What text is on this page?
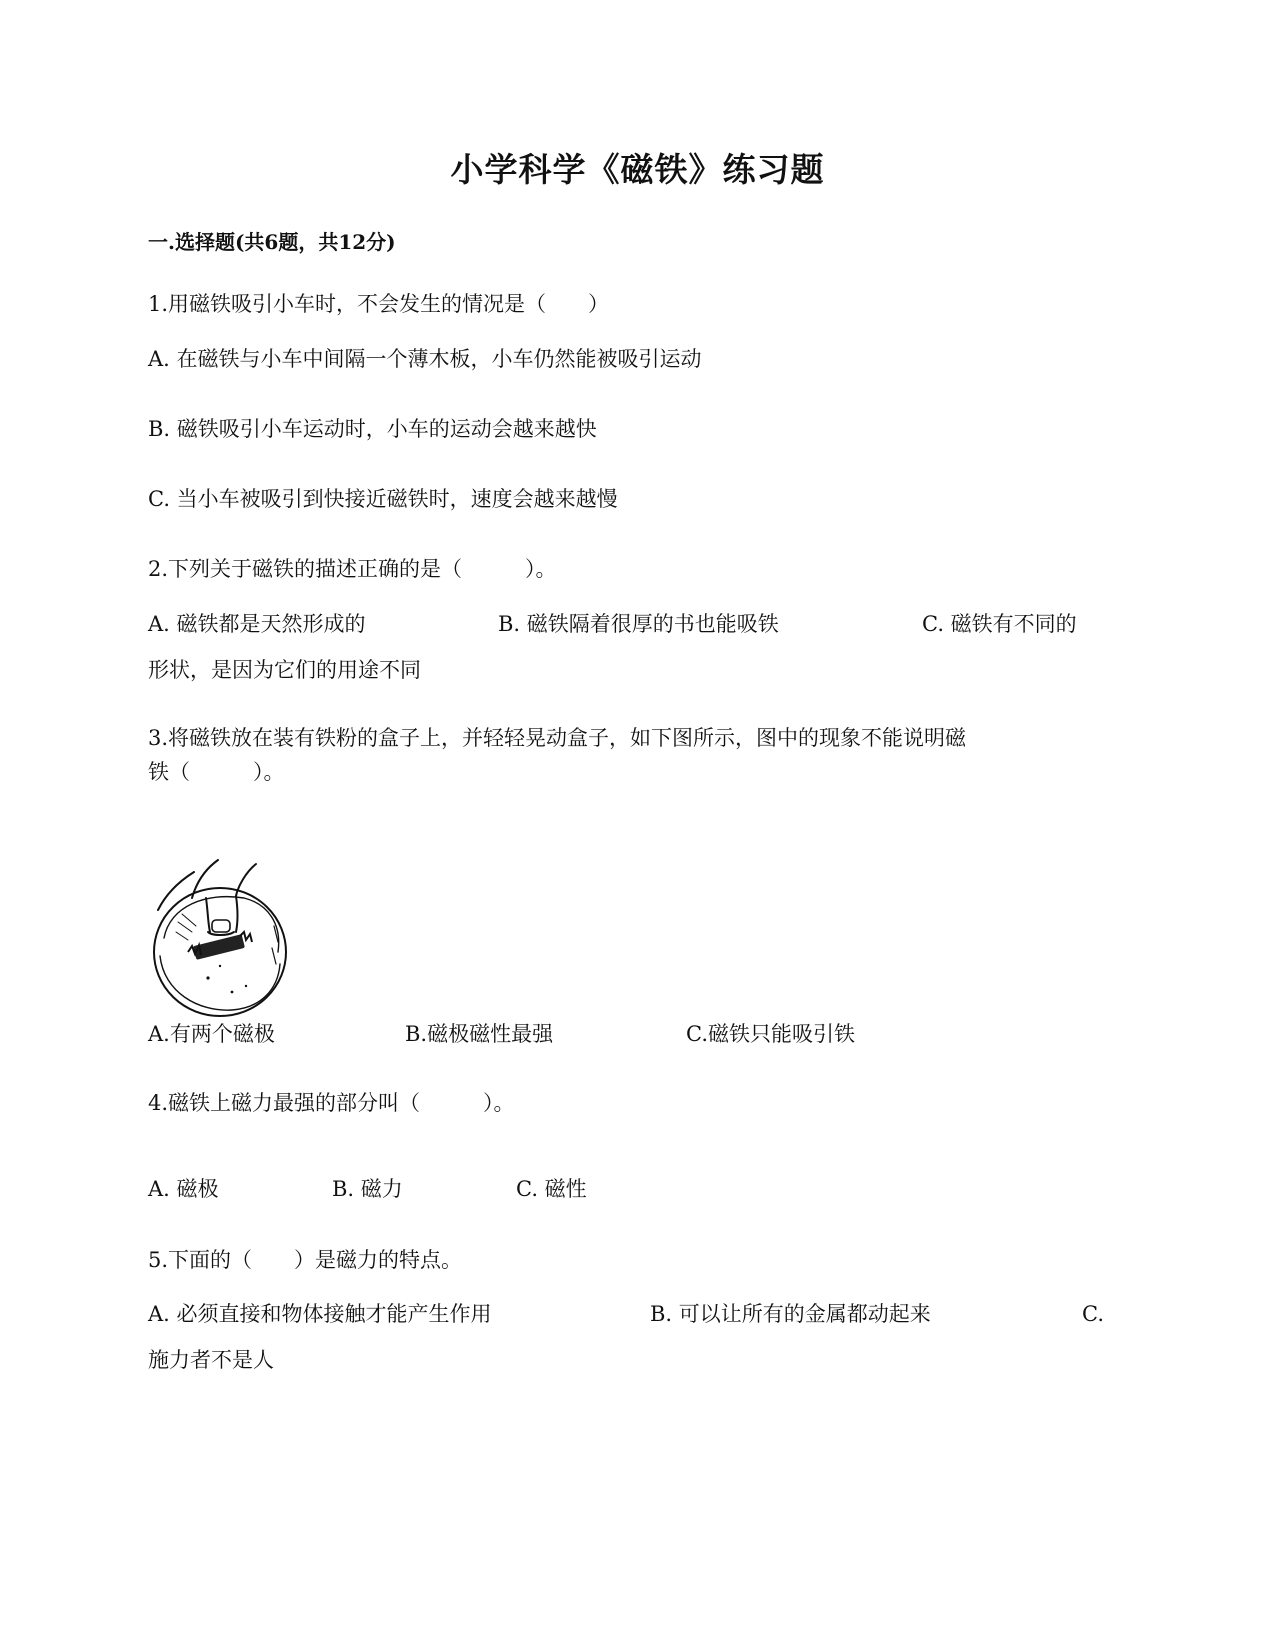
小学科学《磁铁》练习题
一.选择题(共6题，共12分)
1.用磁铁吸引小车时，不会发生的情况是（　　）
A. 在磁铁与小车中间隔一个薄木板，小车仍然能被吸引运动
B. 磁铁吸引小车运动时，小车的运动会越来越快
C. 当小车被吸引到快接近磁铁时，速度会越来越慢
2.下列关于磁铁的描述正确的是（　　　）。
A. 磁铁都是天然形成的	B. 磁铁隔着很厚的书也能吸铁	C. 磁铁有不同的
形状，是因为它们的用途不同
3.将磁铁放在装有铁粉的盒子上，并轻轻晃动盒子，如下图所示，图中的现象不能说明磁
铁（　　　）。
A.有两个磁极	B.磁极磁性最强	C.磁铁只能吸引铁
4.磁铁上磁力最强的部分叫（　　　）。
A. 磁极	B. 磁力	C. 磁性
5.下面的（　　）是磁力的特点。
A. 必须直接和物体接触才能产生作用	B. 可以让所有的金属都动起来	C.
施力者不是人
